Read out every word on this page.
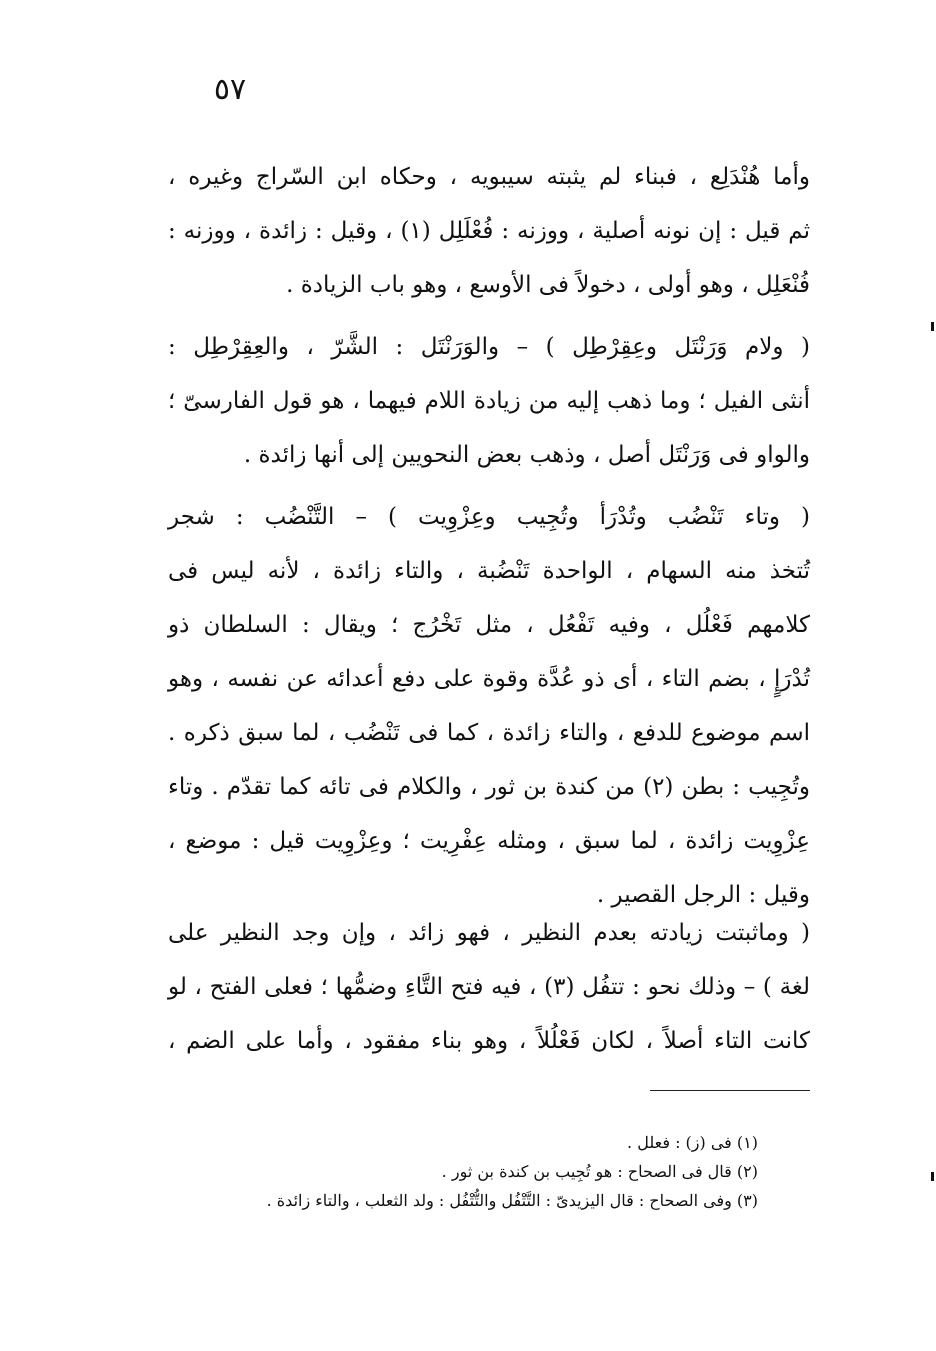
٥٧

وأما هُنْدَلِع ، فبناء لم يثبته سيبويه ، وحكاه ابن السّراج وغيره ،
ثم قيل : إن نونه أصلية ، ووزنه : فُعْلَلِل (١) ، وقيل : زائدة ، ووزنه :
فُنْعَلِل ، وهو أولى ، دخولاً فى الأوسع ، وهو باب الزيادة .

( ولام وَرَنْتَل وعِقِرْطِل ) – والوَرَنْتَل : الشَّرّ ، والعِقِرْطِل :
أنثى الفيل ؛ وما ذهب إليه من زيادة اللام فيهما ، هو قول الفارسىّ ؛
والواو فى وَرَنْتَل أصل ، وذهب بعض النحويين إلى أنها زائدة .

( وتاء تَنْضُب وتُدْرَأ وتُجِيب وعِزْوِيت ) – التَّنْضُب : شجر
تُتخذ منه السهام ، الواحدة تَنْضُبة ، والتاء زائدة ، لأنه ليس فى
كلامهم فَعْلُل ، وفيه تَفْعُل ، مثل تَخْرُج ؛ ويقال : السلطان ذو
تُدْرَإٍ ، بضم التاء ، أى ذو عُدَّة وقوة على دفع أعدائه عن نفسه ، وهو
اسم موضوع للدفع ، والتاء زائدة ، كما فى تَنْضُب ، لما سبق ذكره .
وتُجِيب : بطن (٢) من كندة بن ثور ، والكلام فى تائه كما تقدّم . وتاء
عِزْوِيت زائدة ، لما سبق ، ومثله عِفْرِيت ؛ وعِزْوِيت قيل : موضع ،
وقيل : الرجل القصير .

( وماثبتت زيادته بعدم النظير ، فهو زائد ، وإن وجد النظير على
لغة ) – وذلك نحو : تتفُل (٣) ، فيه فتح التَّاءِ وضمُّها ؛ فعلى الفتح ، لو
كانت التاء أصلاً ، لكان فَعْلُلاً ، وهو بناء مفقود ، وأما على الضم ،

(١) فى (ز) : فعلل .
(٢) قال فى الصحاح : هو تُجِيب بن كندة بن ثور .
(٣) وفى الصحاح : قال اليزيدىّ : التَّتْفُل والتُّتْفُل : ولد الثعلب ، والتاء زائدة .
